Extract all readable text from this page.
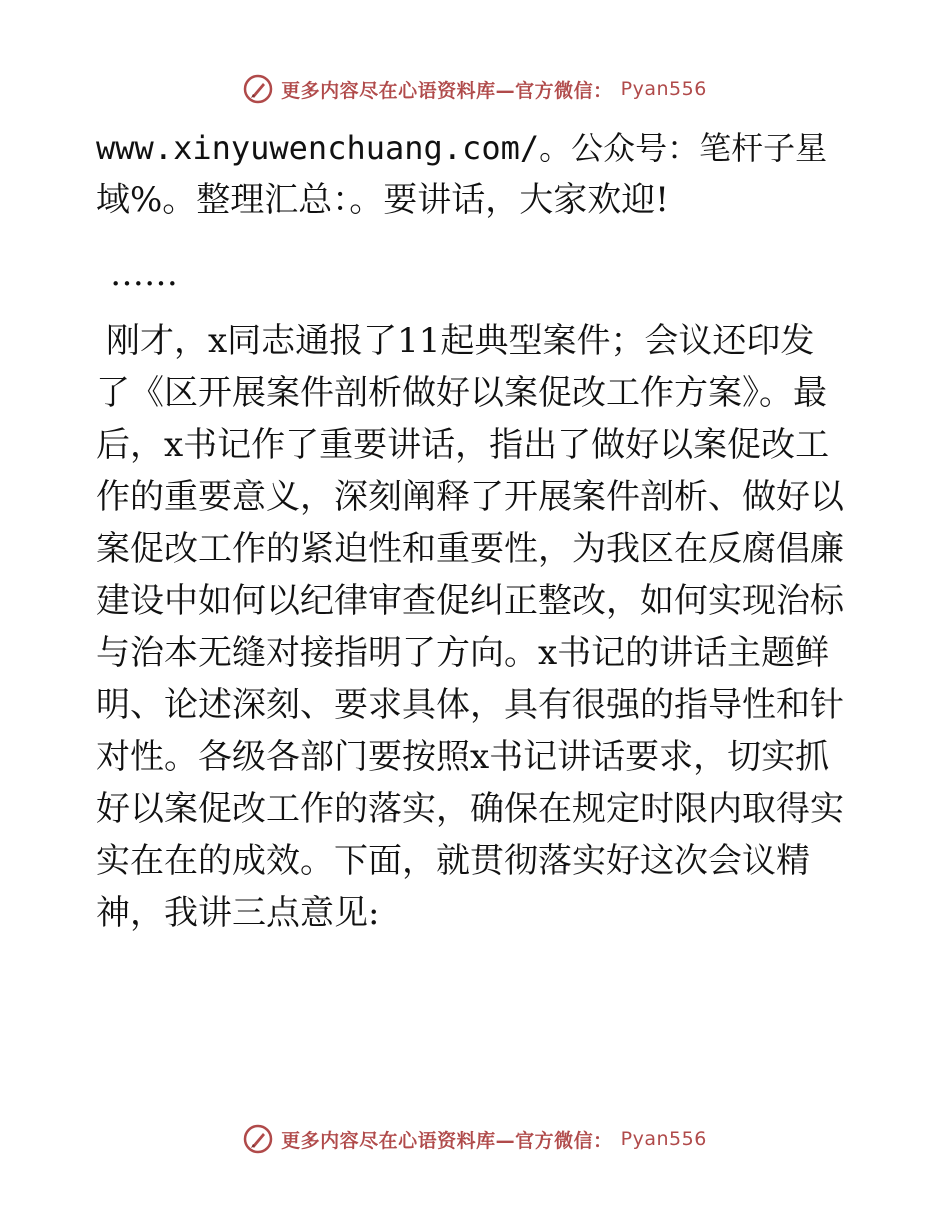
更多内容尽在心语资料库—官方微信： Pyan556
www.xinyuwenchuang.com/。公众号：笔杆子星
域%。整理汇总：。要讲话，大家欢迎!
……
刚才，x同志通报了11起典型案件；会议还印发
了《区开展案件剖析做好以案促改工作方案》。最
后，x书记作了重要讲话，指出了做好以案促改工
作的重要意义，深刻阐释了开展案件剖析、做好以
案促改工作的紧迫性和重要性，为我区在反腐倡廉
建设中如何以纪律审查促纠正整改，如何实现治标
与治本无缝对接指明了方向。x书记的讲话主题鲜
明、论述深刻、要求具体，具有很强的指导性和针
对性。各级各部门要按照x书记讲话要求，切实抓
好以案促改工作的落实，确保在规定时限内取得实
实在在的成效。下面，就贯彻落实好这次会议精
神，我讲三点意见:
更多内容尽在心语资料库—官方微信： Pyan556
